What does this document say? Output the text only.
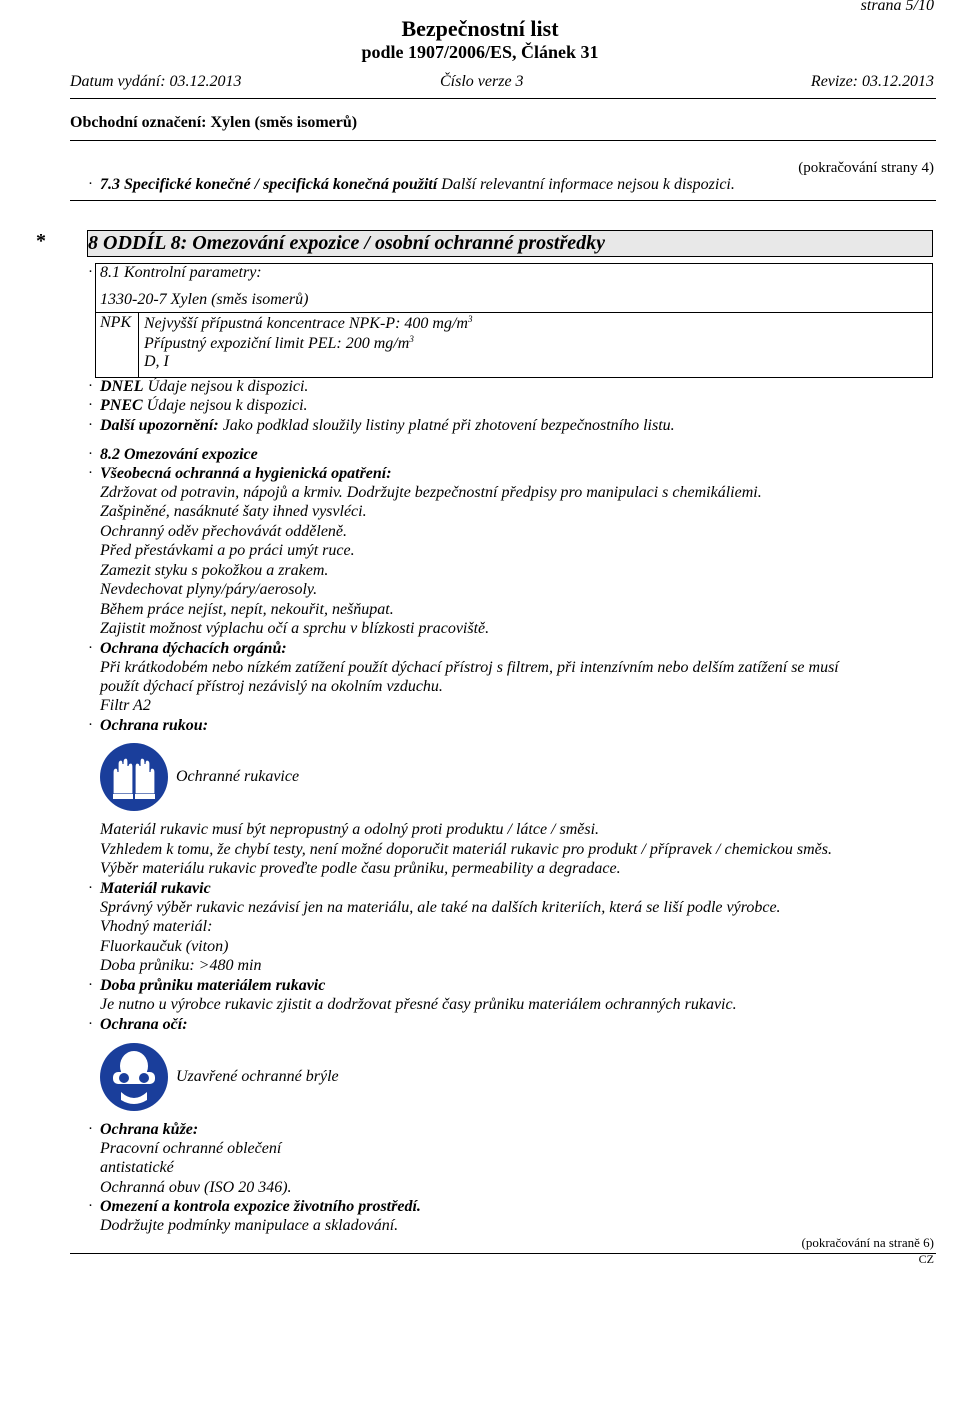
strana 5/10
Bezpečnostní list
podle 1907/2006/ES, Článek 31
Datum vydání: 03.12.2013	Číslo verze 3	Revize: 03.12.2013
Obchodní označení: Xylen (směs isomerů)
(pokračování strany 4)
· 7.3 Specifické konečné / specifická konečná použití Další relevantní informace nejsou k dispozici.
* 8 ODDÍL 8: Omezování expozice / osobní ochranné prostředky
· 8.1 Kontrolní parametry:
1330-20-7 Xylen (směs isomerů)
NPK Nejvyšší přípustná koncentrace NPK-P: 400 $mg/m^3$
Přípustný expoziční limit PEL: 200 $mg/m^3$
D, I
· DNEL Údaje nejsou k dispozici.
· PNEC Údaje nejsou k dispozici.
· Další upozornění: Jako podklad sloužily listiny platné při zhotovení bezpečnostního listu.
· 8.2 Omezování expozice
· Všeobecná ochranná a hygienická opatření:
Zdržovat od potravin, nápojů a krmiv. Dodržujte bezpečnostní předpisy pro manipulaci s chemikáliemi.
Zašpiněné, nasáknuté šaty ihned vysvléci.
Ochranný oděv přechovávát odděleně.
Před přestávkami a po práci umýt ruce.
Zamezit styku s pokožkou a zrakem.
Nevdechovat plyny/páry/aerosoly.
Během práce nejíst, nepít, nekouřit, nešňupat.
Zajistit možnost výplachu očí a sprchu v blízkosti pracoviště.
· Ochrana dýchacích orgánů:
Při krátkodobém nebo nízkém zatížení použít dýchací přístroj s filtrem, při intenzívním nebo delším zatížení se musí
použít dýchací přístroj nezávislý na okolním vzduchu.
Filtr A2
· Ochrana rukou:
Ochranné rukavice
Materiál rukavic musí být nepropustný a odolný proti produktu / látce / směsi.
Vzhledem k tomu, že chybí testy, není možné doporučit materiál rukavic pro produkt / přípravek / chemickou směs.
Výběr materiálu rukavic proveďte podle času průniku, permeability a degradace.
· Materiál rukavic
Správný výběr rukavic nezávisí jen na materiálu, ale také na dalších kriteriích, která se liší podle výrobce.
Vhodný materiál:
Fluorkaučuk (viton)
Doba průniku: >480 min
· Doba průniku materiálem rukavic
Je nutno u výrobce rukavic zjistit a dodržovat přesné časy průniku materiálem ochranných rukavic.
· Ochrana očí:
Uzavřené ochranné brýle
· Ochrana kůže:
Pracovní ochranné oblečení
antistatické
Ochranná obuv (ISO 20 346).
· Omezení a kontrola expozice životního prostředí.
Dodržujte podmínky manipulace a skladování.
(pokračování na straně 6)
CZ
